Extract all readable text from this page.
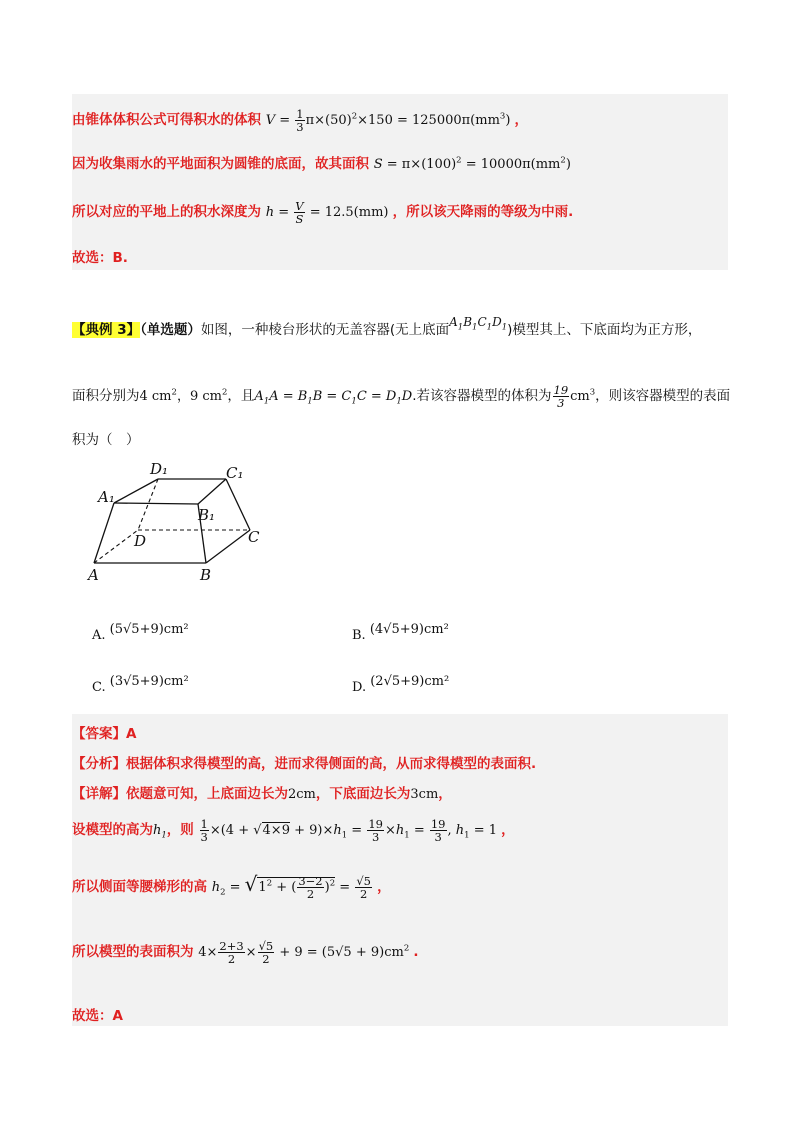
由锥体体积公式可得积水的体积 $V = \frac{1}{3} \pi\times(50)^2\times 150 = 125000\pi(mm^3)$ ，
因为收集雨水的平地面积为圆锥的底面，故其面积 $S = \pi\times(100)^2 = 10000\pi(mm^2)$
所以对应的平地上的积水深度为 $h = \frac{V}{S} = 12.5(mm)$ ，所以该天降雨的等级为中雨.
故选：B.
【典例 3】（单选题）如图，一种棱台形状的无盖容器(无上底面$A_1B_1C_1D_1$)模型其上、下底面均为正方形，
面积分别为4 $cm^2$，9 $cm^2$，且$A_1A = B_1B = C_1C = D_1D$.若该容器模型的体积为 $\frac{19}{3} cm^3$，则该容器模型的表面
积为（　）
D₁	C₁
A₁
B₁
D	C
A	B
A. (5√5+9)cm²	B. (4√5+9)cm²
C. (3√5+9)cm²	D. (2√5+9)cm²
【答案】A
【分析】根据体积求得模型的高，进而求得侧面的高，从而求得模型的表面积.
【详解】依题意可知，上底面边长为2cm，下底面边长为3cm，
设模型的高为$h_1$，则 $\frac{1}{3} \times(4 + √4\times 9 + 9)\times h_1 = \frac{19}{3} \times h_1 = \frac{19}{3}$ , $h_1 = 1$ ，
所以侧面等腰梯形的高 $h_2 = √1^2$ + ( $\frac{3-2}{2} )^2 = \frac{√5}{2}$ ，
所以模型的表面积为 $4\times \frac{2+3}{2} \times \frac{√5}{2} + 9 = (5√5 + 9)cm^2$ .
故选：A
